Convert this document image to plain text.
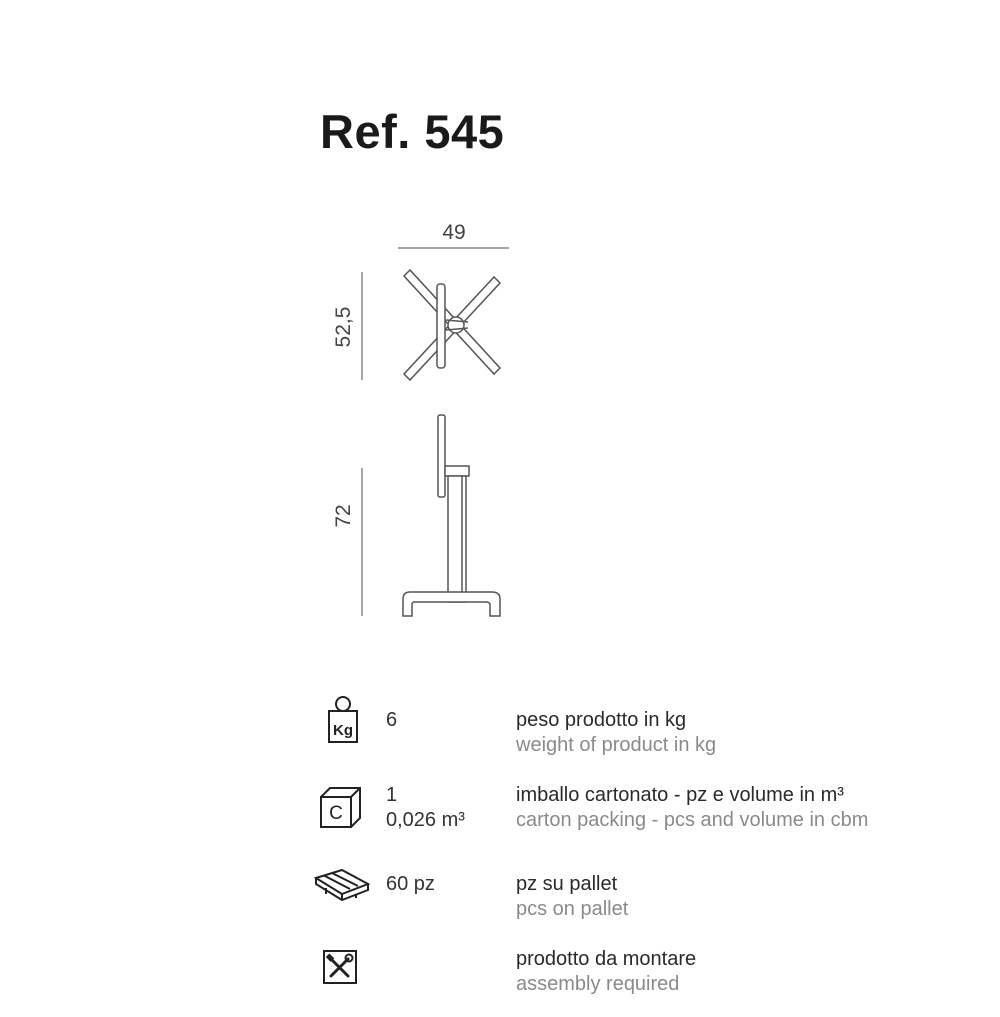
Ref. 545
49
52,5
72
Kg 6	peso prodotto in kg
weight of product in kg
C
1
0,026 m³
imballo cartonato - pz e volume in m³
carton packing - pcs and volume in cbm
60 pz	pz su pallet
pcs on pallet
prodotto da montare
assembly required
